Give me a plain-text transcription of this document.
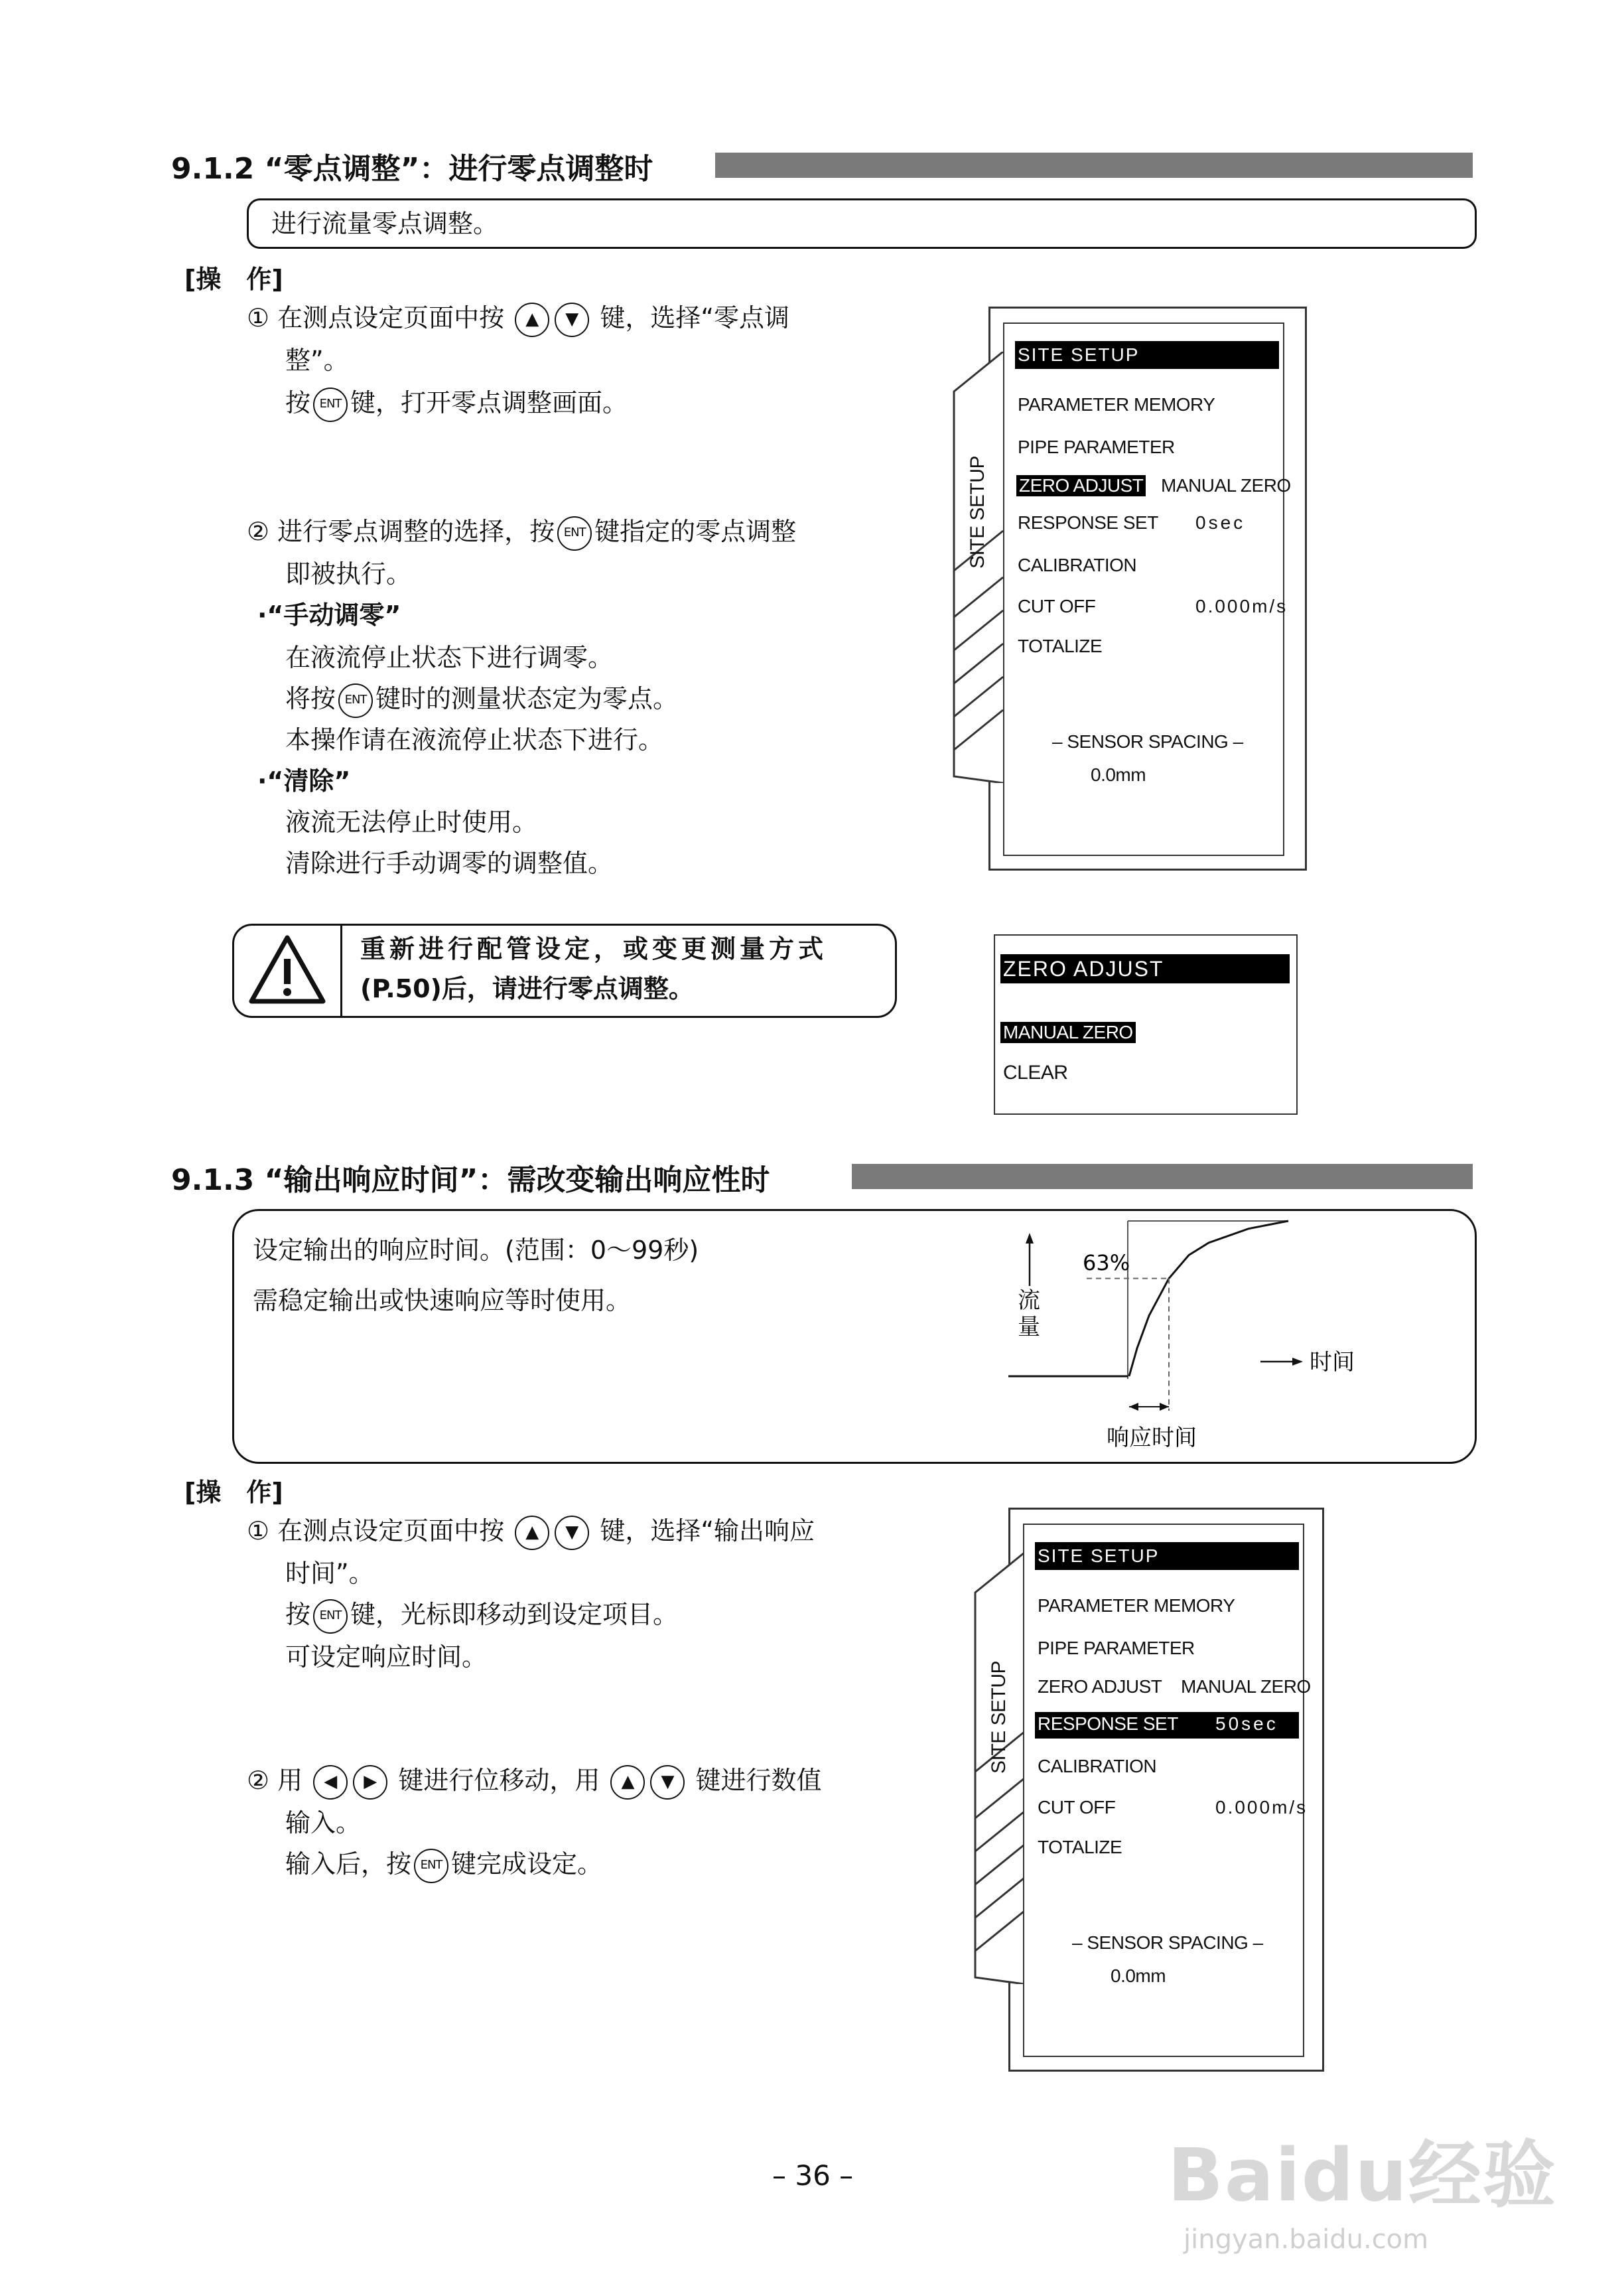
9.1.2 “零点调整”：进行零点调整时
进行流量零点调整。
[操　作]
① 在测点设定页面中按 ▲ ▼ 键，选择“零点调
整”。
按 ENT 键，打开零点调整画面。
② 进行零点调整的选择，按 ENT 键指定的零点调整
即被执行。
·“手动调零”
在液流停止状态下进行调零。
将按 ENT 键时的测量状态定为零点。
本操作请在液流停止状态下进行。
·“清除”
液流无法停止时使用。
清除进行手动调零的调整值。
重新进行配管设定，或变更测量方式
(P.50)后，请进行零点调整。
SITE SETUP
SITE SETUP
PARAMETER MEMORY
PIPE PARAMETER
ZERO ADJUST MANUAL ZERO
RESPONSE SET 0sec
CALIBRATION
CUT OFF	0.000m/s
TOTALIZE
– SENSOR SPACING –
0.0mm
ZERO ADJUST
MANUAL ZERO
CLEAR
9.1.3 “输出响应时间”：需改变输出响应性时
设定输出的响应时间。(范围：0～99秒)
需稳定输出或快速响应等时使用。
63%
时间
响应时间
流量
[操　作]
① 在测点设定页面中按 ▲ ▼ 键，选择“输出响应
时间”。
按 ENT 键，光标即移动到设定项目。
可设定响应时间。
② 用 ◀ ▶ 键进行位移动，用 ▲ ▼ 键进行数值
输入。
输入后，按 ENT 键完成设定。
SITE SETUP
SITE SETUP
PARAMETER MEMORY
PIPE PARAMETER
ZERO ADJUST MANUAL ZERO
RESPONSE SET 50sec
CALIBRATION
CUT OFF	0.000m/s
TOTALIZE
– SENSOR SPACING –
0.0mm
– 36 –	Baidu经验
jingyan.baidu.com
